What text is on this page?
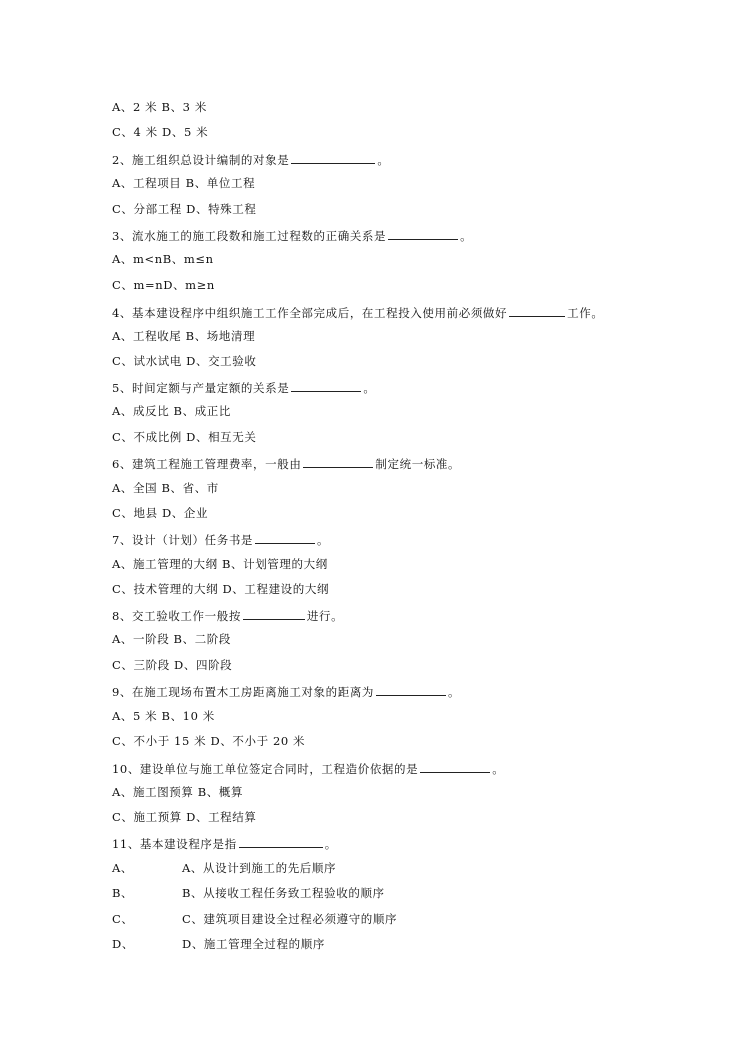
A、2 米 B、3 米
C、4 米 D、5 米
2、施工组织总设计编制的对象是	。
A、工程项目 B、单位工程
C、分部工程 D、特殊工程
3、流水施工的施工段数和施工过程数的正确关系是	。
A、m<nB、m≤n
C、m=nD、m≥n
4、基本建设程序中组织施工工作全部完成后，在工程投入使用前必须做好	工作。
A、工程收尾 B、场地清理
C、试水试电 D、交工验收
5、时间定额与产量定额的关系是	。
A、成反比 B、成正比
C、不成比例 D、相互无关
6、建筑工程施工管理费率，一般由	制定统一标准。
A、全国 B、省、市
C、地县 D、企业
7、设计（计划）任务书是	。
A、施工管理的大纲 B、计划管理的大纲
C、技术管理的大纲 D、工程建设的大纲
8、交工验收工作一般按	进行。
A、一阶段 B、二阶段
C、三阶段 D、四阶段
9、在施工现场布置木工房距离施工对象的距离为	。
A、5 米 B、10 米
C、不小于 15 米 D、不小于 20 米
10、建设单位与施工单位签定合同时，工程造价依据的是	。
A、施工图预算 B、概算
C、施工预算 D、工程结算
11、基本建设程序是指	。
A、	A、从设计到施工的先后顺序
B、	B、从接收工程任务致工程验收的顺序
C、	C、建筑项目建设全过程必须遵守的顺序
D、	D、施工管理全过程的顺序
